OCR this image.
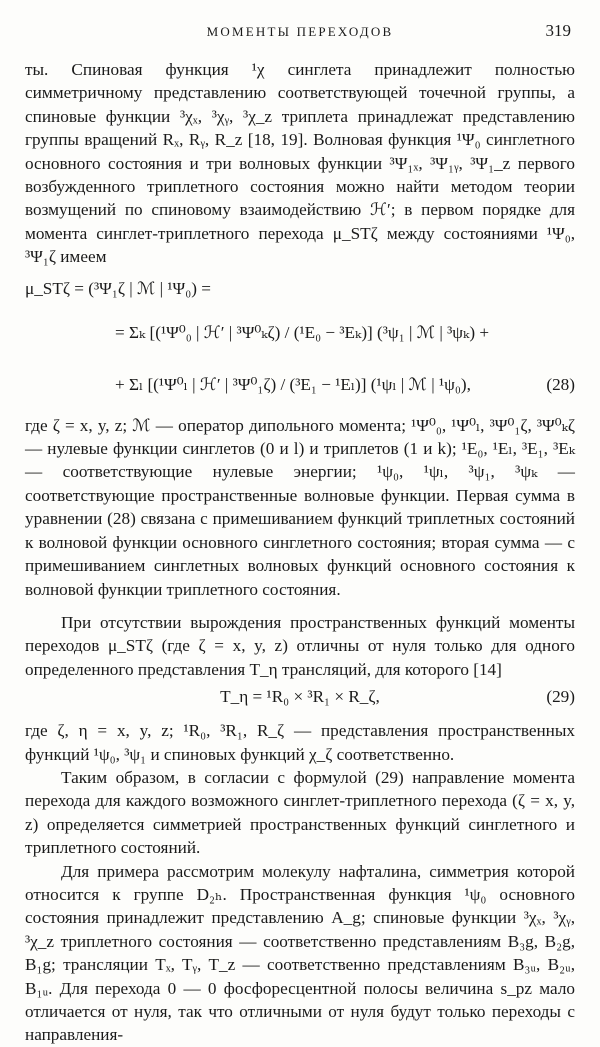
МОМЕНТЫ ПЕРЕХОДОВ	319

ты. Спиновая функция ¹χ синглета принадлежит полностью симметричному представлению соответствующей точечной группы, а спиновые функции ³χₓ, ³χᵧ, ³χ_z триплета принадлежат представлению группы вращений Rₓ, Rᵧ, R_z [18, 19]. Волновая функция ¹Ψ₀ синглетного основного состояния и три волновых функции ³Ψ₁ₓ, ³Ψ₁ᵧ, ³Ψ₁_z первого возбужденного триплетного состояния можно найти методом теории возмущений по спиновому взаимодействию ℋ′; в первом порядке для момента синглет-триплетного перехода μ_STζ между состояниями ¹Ψ₀, ³Ψ₁ζ имеем

μ_STζ = (³Ψ₁ζ | ℳ | ¹Ψ₀) =
= Σₖ [(¹Ψ⁰₀ | ℋ′ | ³Ψ⁰ₖζ) / (¹E₀ − ³Eₖ)] (³ψ₁ | ℳ | ³ψₖ) +
+ Σₗ [(¹Ψ⁰ₗ | ℋ′ | ³Ψ⁰₁ζ) / (³E₁ − ¹Eₗ)] (¹ψₗ | ℳ | ¹ψ₀),	(28)

где ζ = x, y, z; ℳ — оператор дипольного момента; ¹Ψ⁰₀, ¹Ψ⁰ₗ, ³Ψ⁰₁ζ, ³Ψ⁰ₖζ — нулевые функции синглетов (0 и l) и триплетов (1 и k); ¹E₀, ¹Eₗ, ³E₁, ³Eₖ — соответствующие нулевые энергии; ¹ψ₀, ¹ψₗ, ³ψ₁, ³ψₖ — соответствующие пространственные волновые функции. Первая сумма в уравнении (28) связана с примешиванием функций триплетных состояний к волновой функции основного синглетного состояния; вторая сумма — с примешиванием синглетных волновых функций основного состояния к волновой функции триплетного состояния.

При отсутствии вырождения пространственных функций моменты переходов μ_STζ (где ζ = x, y, z) отличны от нуля только для одного определенного представления T_η трансляций, для которого [14]

T_η = ¹R₀ × ³R₁ × R_ζ,	(29)

где ζ, η = x, y, z; ¹R₀, ³R₁, R_ζ — представления пространственных функций ¹ψ₀, ³ψ₁ и спиновых функций χ_ζ соответственно.

Таким образом, в согласии с формулой (29) направление момента перехода для каждого возможного синглет-триплетного перехода (ζ = x, y, z) определяется симметрией пространственных функций синглетного и триплетного состояний.

Для примера рассмотрим молекулу нафталина, симметрия которой относится к группе D₂ₕ. Пространственная функция ¹ψ₀ основного состояния принадлежит представлению A_g; спиновые функции ³χₓ, ³χᵧ, ³χ_z триплетного состояния — соответственно представлениям B₃g, B₂g, B₁g; трансляции Tₓ, Tᵧ, T_z — соответственно представлениям B₃ᵤ, B₂ᵤ, B₁ᵤ. Для перехода 0 — 0 фосфоресцентной полосы величина s_pz мало отличается от нуля, так что отличными от нуля будут только переходы с направления-
